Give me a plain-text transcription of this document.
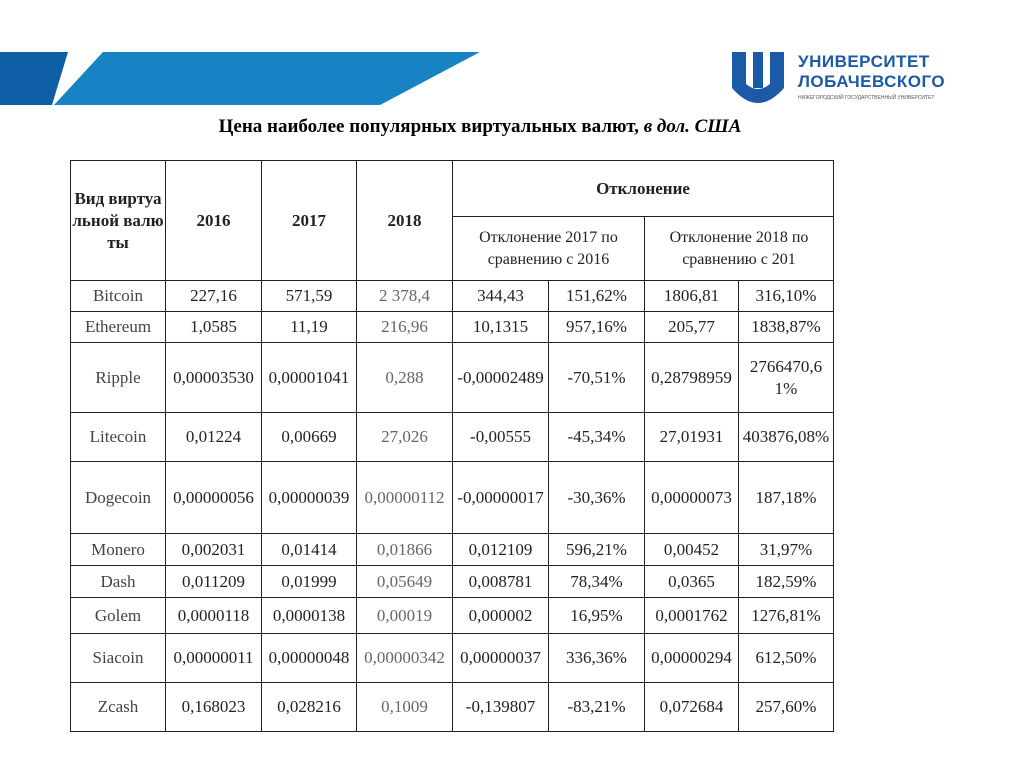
УНИВЕРСИТЕТ
ЛОБАЧЕВСКОГО
НИЖЕГОРОДСКИЙ ГОСУДАРСТВЕННЫЙ УНИВЕРСИТЕТ
Цена наиболее популярных виртуальных валют, в дол. США
Вид виртуальной валюты	2016	2017	2018	Отклонение			
				Отклонение 2017 по сравнению с 2016		Отклонение 2018 по сравнению с 201	
Bitcoin	227,16	571,59	2 378,4	344,43	151,62%	1806,81	316,10%
Ethereum	1,0585	11,19	216,96	10,1315	957,16%	205,77	1838,87%
Ripple	0,00003530	0,00001041	0,288	-0,00002489	-70,51%	0,28798959	2766470,61%
Litecoin	0,01224	0,00669	27,026	-0,00555	-45,34%	27,01931	403876,08%
Dogecoin	0,00000056	0,00000039	0,00000112	-0,00000017	-30,36%	0,00000073	187,18%
Monero	0,002031	0,01414	0,01866	0,012109	596,21%	0,00452	31,97%
Dash	0,011209	0,01999	0,05649	0,008781	78,34%	0,0365	182,59%
Golem	0,0000118	0,0000138	0,00019	0,000002	16,95%	0,0001762	1276,81%
Siacoin	0,00000011	0,00000048	0,00000342	0,00000037	336,36%	0,00000294	612,50%
Zcash	0,168023	0,028216	0,1009	-0,139807	-83,21%	0,072684	257,60%
